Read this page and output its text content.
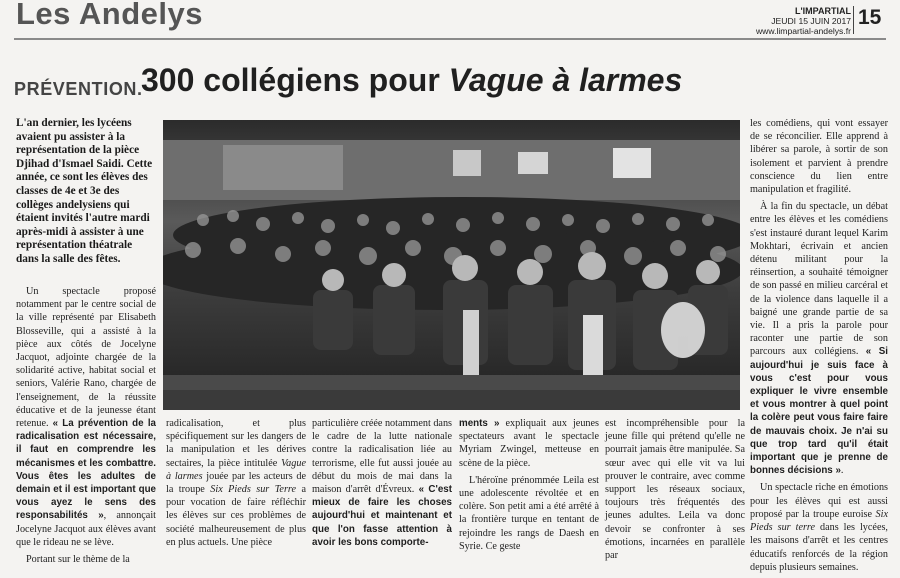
Les Andelys	L'IMPARTIAL
JEUDI 15 JUIN 2017
www.limpartial-andelys.fr
15
PRÉVENTION.
300 collégiens pour Vague à larmes
L'an dernier, les lycéens avaient pu assister à la représentation de la pièce Djihad d'Ismael Saidi. Cette année, ce sont les élèves des classes de 4e et 3e des collèges andelysiens qui étaient invités l'autre mardi après-midi à assister à une représentation théatrale dans la salle des fêtes.

Un spectacle proposé notamment par le centre social de la ville représenté par Elisabeth Blosseville, qui a assisté à la pièce aux côtés de Jocelyne Jacquot, adjointe chargée de la solidarité active, habitat social et seniors, Valérie Rano, chargée de l'enseignement, de la réussite éducative et de la jeunesse étant retenue. « La prévention de la radicalisation est nécessaire, il faut en comprendre les mécanismes et les combattre. Vous êtes les adultes de demain et il est important que vous ayez le sens des responsabilités », annonçait Jocelyne Jacquot aux élèves avant que le rideau ne se lève.

Portant sur le thème de la

radicalisation, et plus spécifiquement sur les dangers de la manipulation et les dérives sectaires, la pièce intitulée Vague à larmes jouée par les acteurs de la troupe Six Pieds sur Terre a pour vocation de faire réfléchir les élèves sur ces problèmes de société malheureusement de plus en plus actuels. Une pièce

particulière créée notamment dans le cadre de la lutte nationale contre la radicalisation liée au terrorisme, elle fut aussi jouée au début du mois de mai dans la maison d'arrêt d'Évreux. « C'est mieux de faire les choses aujourd'hui et maintenant et que l'on fasse attention à avoir les bons comporte-

ments » expliquait aux jeunes spectateurs avant le spectacle Myriam Zwingel, metteuse en scène de la pièce.

L'héroïne prénommée Leila est une adolescente révoltée et en colère. Son petit ami a été arrêté à la frontière turque en tentant de rejoindre les rangs de Daesh en Syrie. Ce geste

est incompréhensible pour la jeune fille qui prétend qu'elle ne pourrait jamais être manipulée. Sa sœur avec qui elle vit va lui prouver le contraire, avec comme support les réseaux sociaux, toujours très fréquentés des jeunes adultes. Leila va donc devoir se confronter à ses émotions, incarnées en parallèle par

les comédiens, qui vont essayer de se réconcilier. Elle apprend à libérer sa parole, à sortir de son isolement et parvient à prendre conscience du lien entre manipulation et fragilité.

À la fin du spectacle, un débat entre les élèves et les comédiens s'est instauré durant lequel Karim Mokhtari, écrivain et ancien détenu militant pour la réinsertion, a souhaité témoigner de son passé en milieu carcéral et de la violence dans laquelle il a baigné une grande partie de sa vie. Il a pris la parole pour raconter une partie de son parcours aux collégiens. « Si aujourd'hui je suis face à vous c'est pour vous expliquer le vivre ensemble et vous montrer à quel point la colère peut vous faire faire de mauvais choix. Je n'ai su que trop tard qu'il était important que je prenne de bonnes décisions ».

Un spectacle riche en émotions pour les élèves qui est aussi proposé par la troupe euroise Six Pieds sur terre dans les lycées, les maisons d'arrêt et les centres éducatifs renforcés de la région depuis plusieurs semaines.
